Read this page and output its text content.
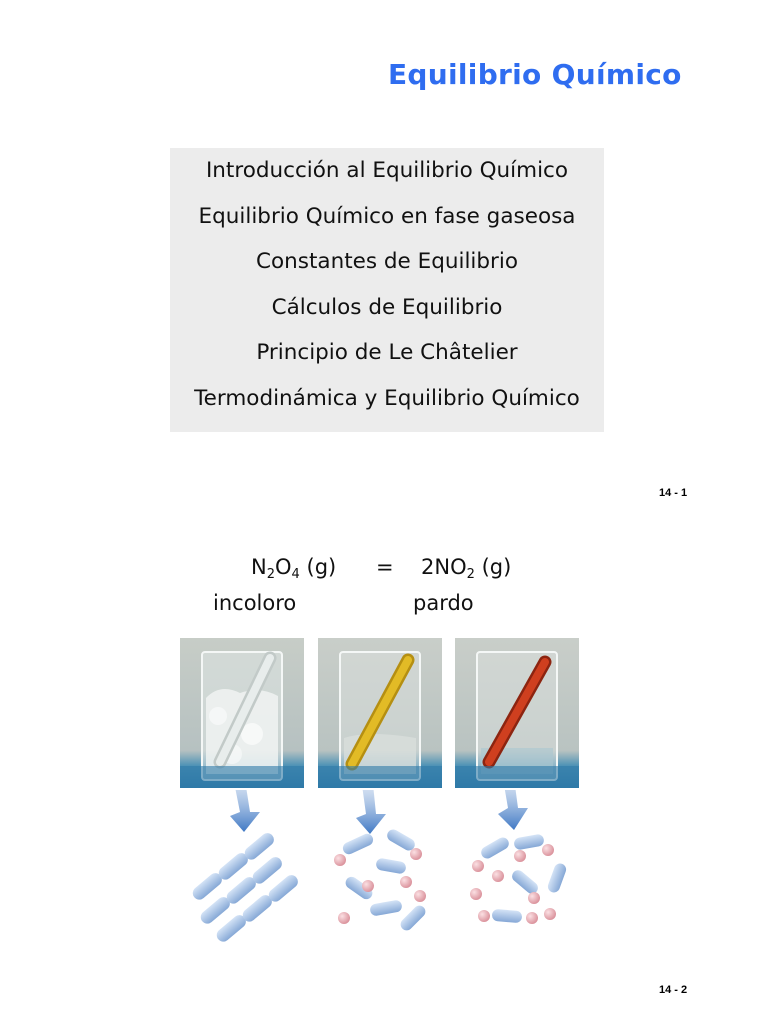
Equilibrio Químico
Introducción al Equilibrio Químico
Equilibrio Químico en fase gaseosa
Constantes de Equilibrio
Cálculos de Equilibrio
Principio de Le Châtelier
Termodinámica y Equilibrio Químico
14 - 1
$N_2O_4$ $(g) = 2NO_2$ (g)
incoloro	pardo
14 - 2
